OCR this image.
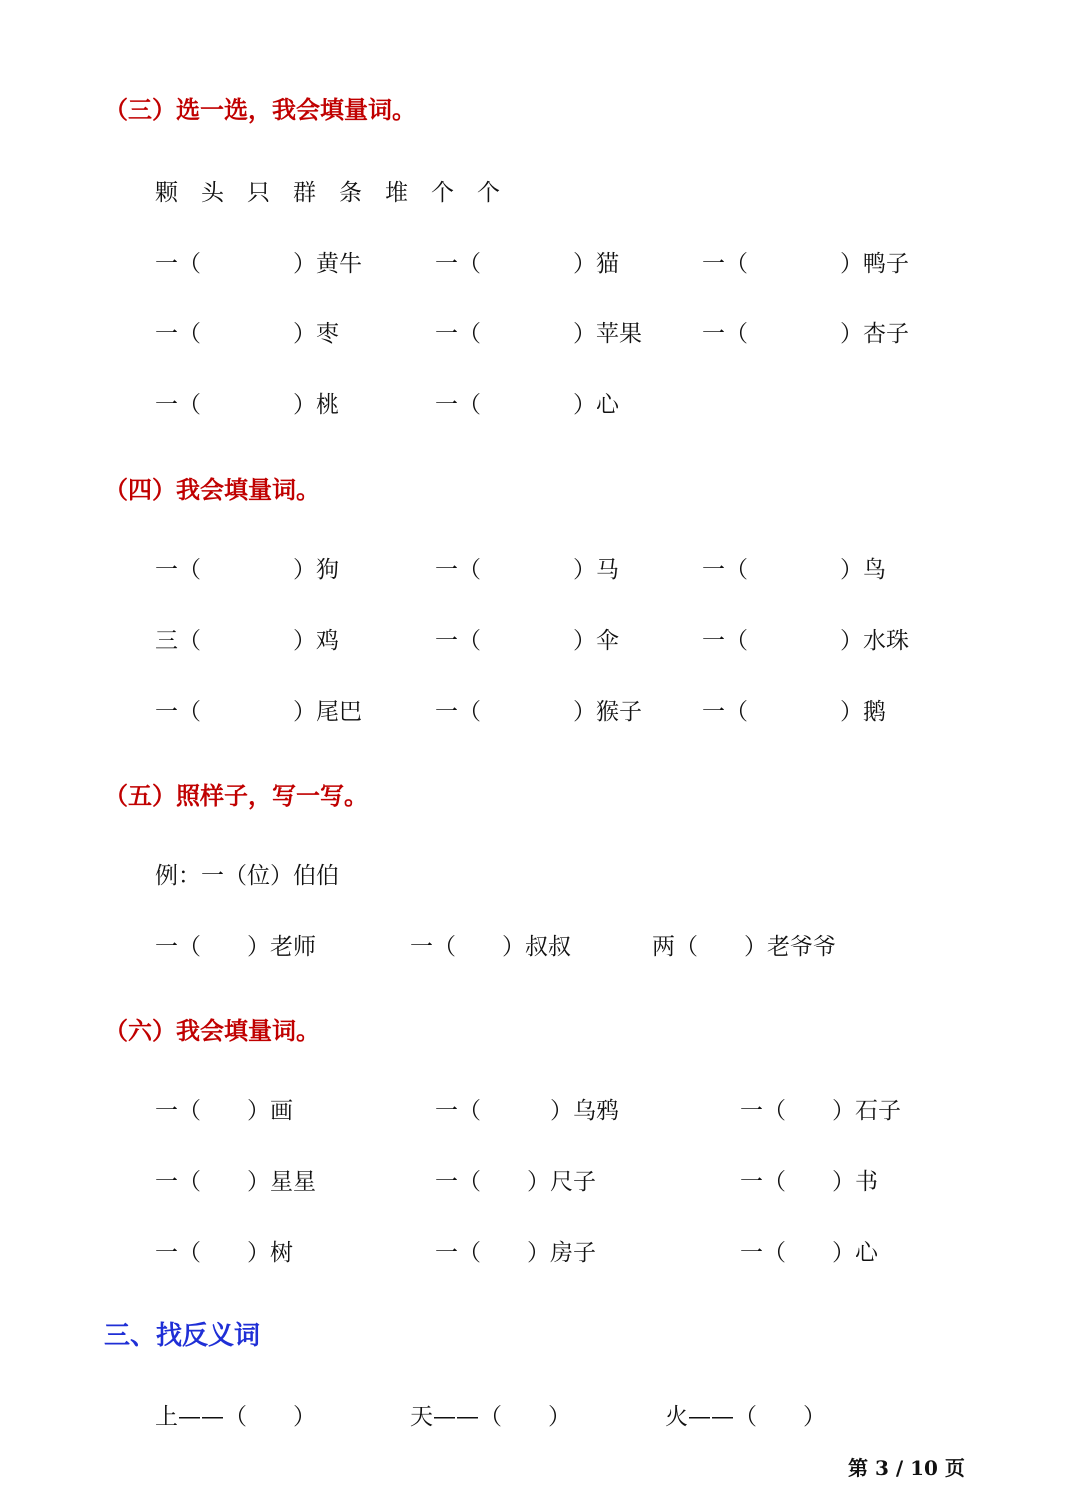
（三）选一选，我会填量词。
颗　头　只　群　条　堆　个　个
一（　　　　）黄牛	一（　　　　）猫	一（　　　　）鸭子
一（　　　　）枣	一（　　　　）苹果	一（　　　　）杏子
一（　　　　）桃	一（　　　　）心
（四）我会填量词。
一（　　　　）狗	一（　　　　）马	一（　　　　）鸟
三（　　　　）鸡	一（　　　　）伞	一（　　　　）水珠
一（　　　　）尾巴	一（　　　　）猴子	一（　　　　）鹅
（五）照样子，写一写。
例：一（位）伯伯
一（　　）老师	一（　　）叔叔	两（　　）老爷爷
（六）我会填量词。
一（　　）画	一（　　　）乌鸦	一（　　）石子
一（　　）星星	一（　　）尺子	一（　　）书
一（　　）树	一（　　）房子	一（　　）心
三、找反义词
上——（　　）	天——（　　）	火——（　　）
第 3 / 10 页
